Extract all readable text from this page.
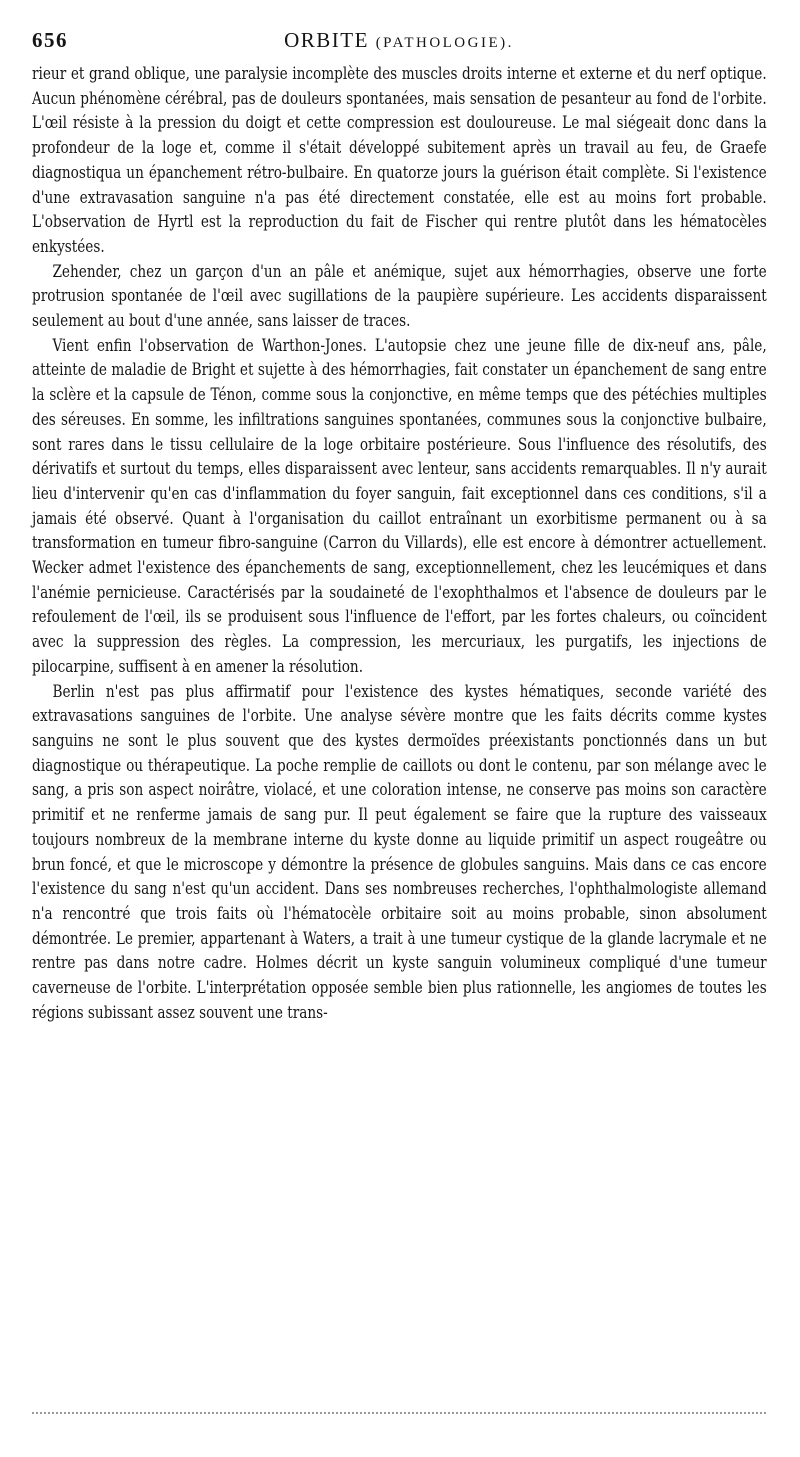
656	ORBITE (PATHOLOGIE).

rieur et grand oblique, une paralysie incomplète des muscles droits interne et externe et du nerf optique. Aucun phénomène cérébral, pas de douleurs spontanées, mais sensation de pesanteur au fond de l'orbite. L'œil résiste à la pression du doigt et cette compression est douloureuse. Le mal siégeait donc dans la profondeur de la loge et, comme il s'était développé subitement après un travail au feu, de Graefe diagnostiqua un épanchement rétro-bulbaire. En quatorze jours la guérison était complète. Si l'existence d'une extravasation sanguine n'a pas été directement constatée, elle est au moins fort probable. L'observation de Hyrtl est la reproduction du fait de Fischer qui rentre plutôt dans les hématocèles enkystées.

Zehender, chez un garçon d'un an pâle et anémique, sujet aux hémorrhagies, observe une forte protrusion spontanée de l'œil avec sugillations de la paupière supérieure. Les accidents disparaissent seulement au bout d'une année, sans laisser de traces.

Vient enfin l'observation de Warthon-Jones. L'autopsie chez une jeune fille de dix-neuf ans, pâle, atteinte de maladie de Bright et sujette à des hémorrhagies, fait constater un épanchement de sang entre la sclère et la capsule de Ténon, comme sous la conjonctive, en même temps que des pétéchies multiples des séreuses. En somme, les infiltrations sanguines spontanées, communes sous la conjonctive bulbaire, sont rares dans le tissu cellulaire de la loge orbitaire postérieure. Sous l'influence des résolutifs, des dérivatifs et surtout du temps, elles disparaissent avec lenteur, sans accidents remarquables. Il n'y aurait lieu d'intervenir qu'en cas d'inflammation du foyer sanguin, fait exceptionnel dans ces conditions, s'il a jamais été observé. Quant à l'organisation du caillot entraînant un exorbitisme permanent ou à sa transformation en tumeur fibro-sanguine (Carron du Villards), elle est encore à démontrer actuellement. Wecker admet l'existence des épanchements de sang, exceptionnellement, chez les leucémiques et dans l'anémie pernicieuse. Caractérisés par la soudaineté de l'exophthalmos et l'absence de douleurs par le refoulement de l'œil, ils se produisent sous l'influence de l'effort, par les fortes chaleurs, ou coïncident avec la suppression des règles. La compression, les mercuriaux, les purgatifs, les injections de pilocarpine, suffisent à en amener la résolution.

Berlin n'est pas plus affirmatif pour l'existence des kystes hématiques, seconde variété des extravasations sanguines de l'orbite. Une analyse sévère montre que les faits décrits comme kystes sanguins ne sont le plus souvent que des kystes dermoïdes préexistants ponctionnés dans un but diagnostique ou thérapeutique. La poche remplie de caillots ou dont le contenu, par son mélange avec le sang, a pris son aspect noirâtre, violacé, et une coloration intense, ne conserve pas moins son caractère primitif et ne renferme jamais de sang pur. Il peut également se faire que la rupture des vaisseaux toujours nombreux de la membrane interne du kyste donne au liquide primitif un aspect rougeâtre ou brun foncé, et que le microscope y démontre la présence de globules sanguins. Mais dans ce cas encore l'existence du sang n'est qu'un accident. Dans ses nombreuses recherches, l'ophthalmologiste allemand n'a rencontré que trois faits où l'hématocèle orbitaire soit au moins probable, sinon absolument démontrée. Le premier, appartenant à Waters, a trait à une tumeur cystique de la glande lacrymale et ne rentre pas dans notre cadre. Holmes décrit un kyste sanguin volumineux compliqué d'une tumeur caverneuse de l'orbite. L'interprétation opposée semble bien plus rationnelle, les angiomes de toutes les régions subissant assez souvent une trans-
